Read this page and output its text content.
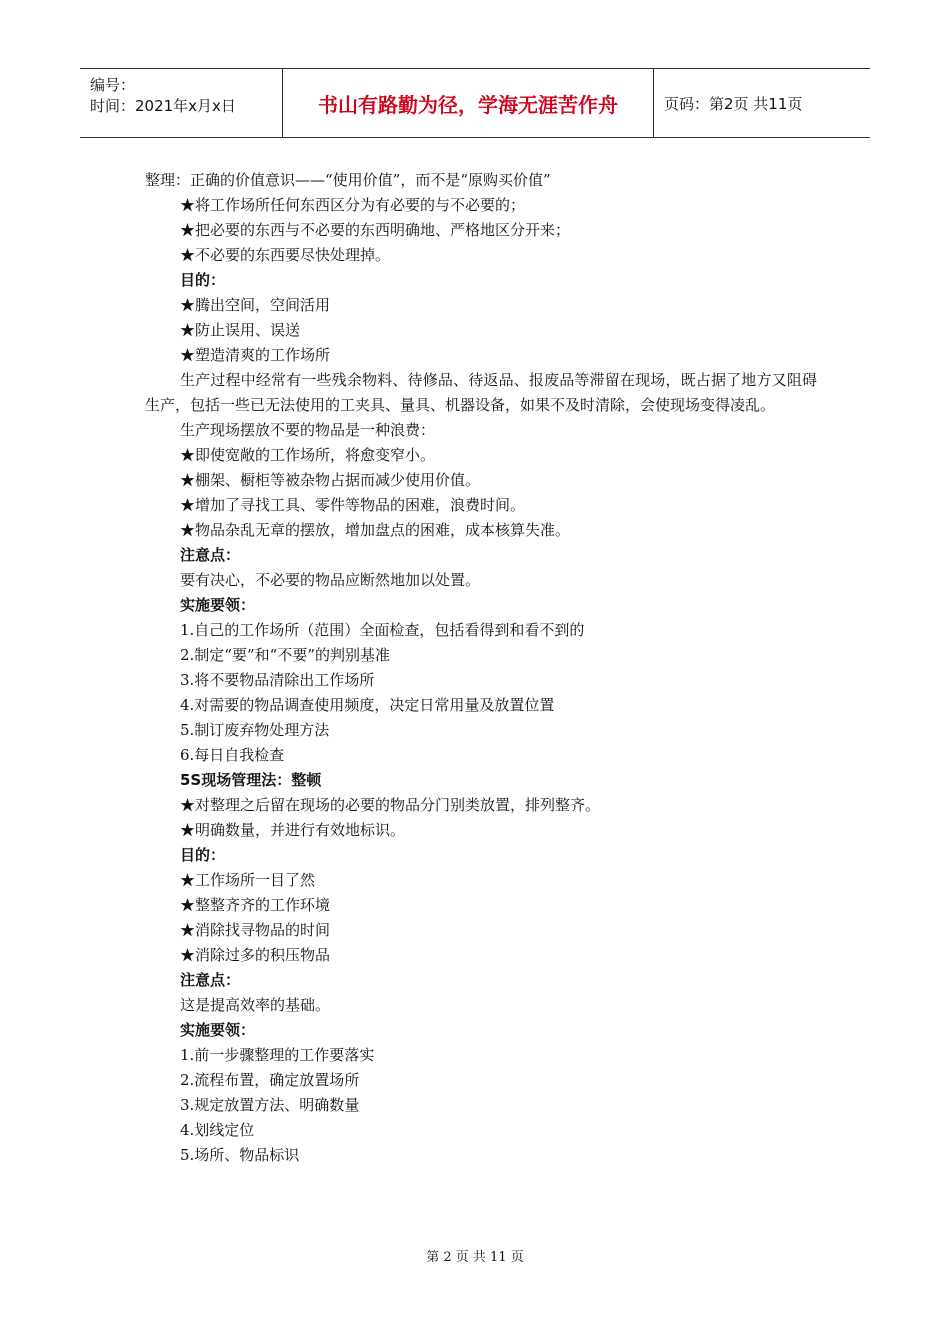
编号：
时间：2021年x月x日	书山有路勤为径，学海无涯苦作舟	页码：第2页 共11页
整理：正确的价值意识——“使用价值”，而不是“原购买价值”
★将工作场所任何东西区分为有必要的与不必要的；
★把必要的东西与不必要的东西明确地、严格地区分开来；
★不必要的东西要尽快处理掉。
目的：
★腾出空间，空间活用
★防止误用、误送
★塑造清爽的工作场所
生产过程中经常有一些残余物料、待修品、待返品、报废品等滞留在现场，既占据了地方又阻碍生产，包括一些已无法使用的工夹具、量具、机器设备，如果不及时清除，会使现场变得凌乱。
生产现场摆放不要的物品是一种浪费：
★即使宽敞的工作场所，将愈变窄小。
★棚架、橱柜等被杂物占据而减少使用价值。
★增加了寻找工具、零件等物品的困难，浪费时间。
★物品杂乱无章的摆放，增加盘点的困难，成本核算失准。
注意点：
要有决心，不必要的物品应断然地加以处置。
实施要领：
1.自己的工作场所（范围）全面检查，包括看得到和看不到的
2.制定“要”和“不要”的判别基准
3.将不要物品清除出工作场所
4.对需要的物品调查使用频度，决定日常用量及放置位置
5.制订废弃物处理方法
6.每日自我检查
5S现场管理法：整顿
★对整理之后留在现场的必要的物品分门别类放置，排列整齐。
★明确数量，并进行有效地标识。
目的：
★工作场所一目了然
★整整齐齐的工作环境
★消除找寻物品的时间
★消除过多的积压物品
注意点：
这是提高效率的基础。
实施要领：
1.前一步骤整理的工作要落实
2.流程布置，确定放置场所
3.规定放置方法、明确数量
4.划线定位
5.场所、物品标识
第 2 页 共 11 页
